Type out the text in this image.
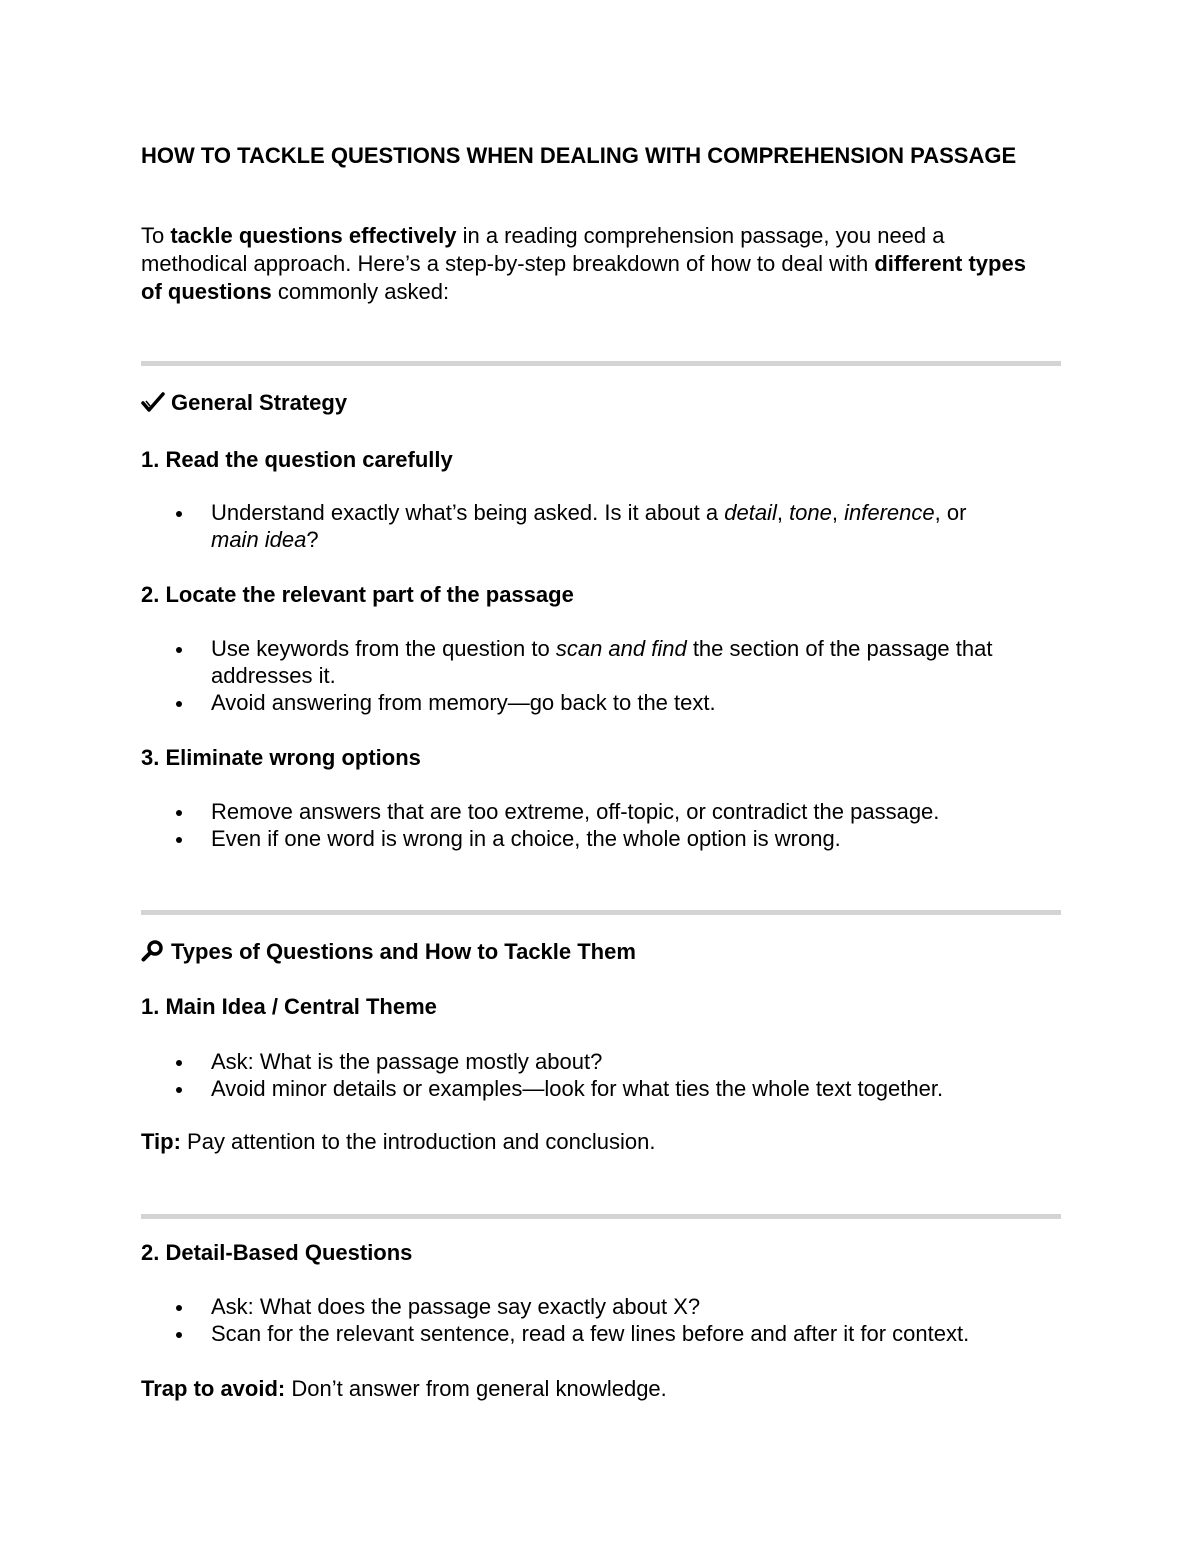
HOW TO TACKLE QUESTIONS WHEN DEALING WITH COMPREHENSION PASSAGE

To tackle questions effectively in a reading comprehension passage, you need a methodical approach. Here’s a step-by-step breakdown of how to deal with different types of questions commonly asked:

General Strategy
1. Read the question carefully
Understand exactly what’s being asked. Is it about a detail, tone, inference, or
main idea?
2. Locate the relevant part of the passage
Use keywords from the question to scan and find the section of the passage that addresses it.
Avoid answering from memory—go back to the text.
3. Eliminate wrong options
Remove answers that are too extreme, off-topic, or contradict the passage.
Even if one word is wrong in a choice, the whole option is wrong.
Types of Questions and How to Tackle Them
1. Main Idea / Central Theme
Ask: What is the passage mostly about?
Avoid minor details or examples—look for what ties the whole text together.

Tip: Pay attention to the introduction and conclusion.

2. Detail-Based Questions
Ask: What does the passage say exactly about X?
Scan for the relevant sentence, read a few lines before and after it for context.

Trap to avoid: Don’t answer from general knowledge.
